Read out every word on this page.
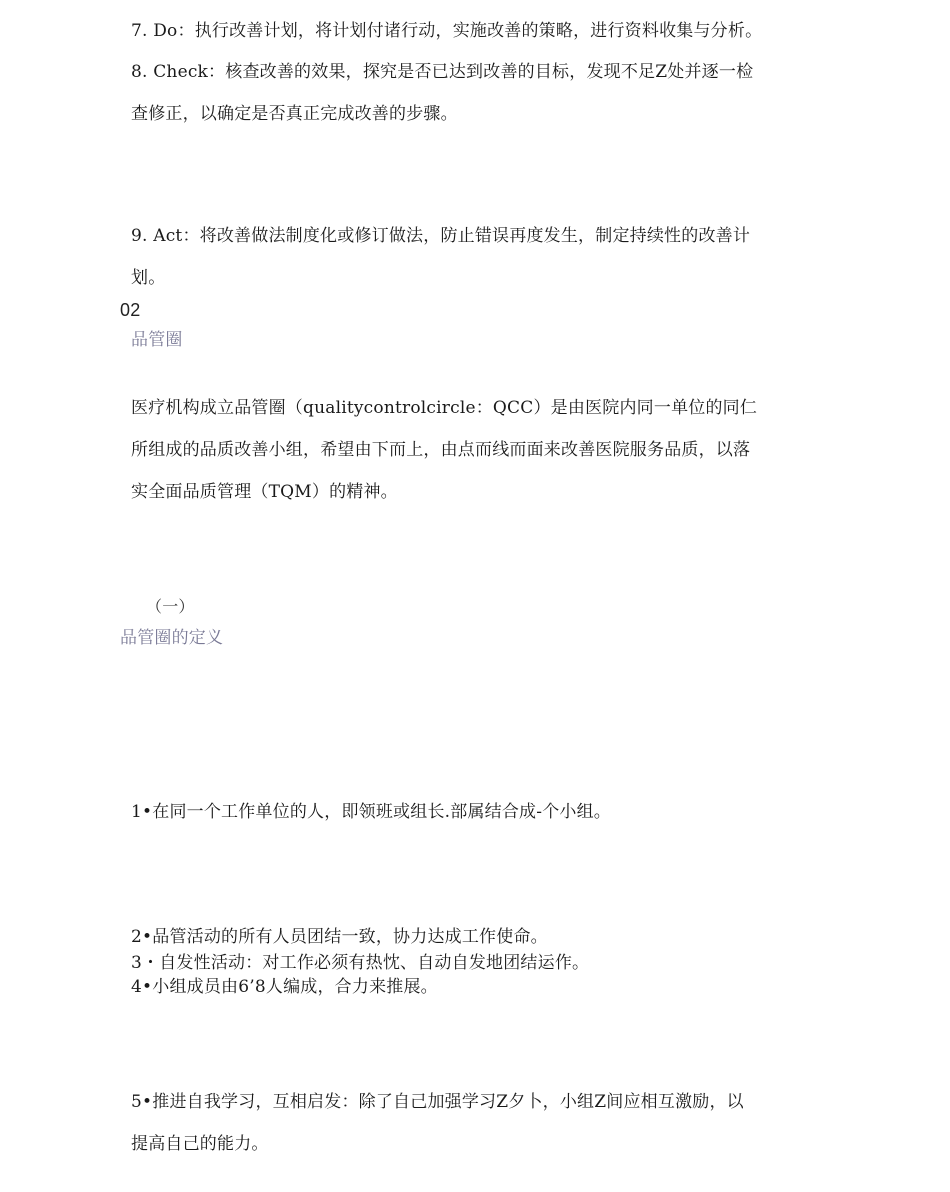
7. Do：执行改善计划，将计划付诸行动，实施改善的策略，进行资料收集与分析。
8. Check：核查改善的效果，探究是否已达到改善的目标，发现不足Z处并逐一检
查修正，以确定是否真正完成改善的步骤。
9. Act：将改善做法制度化或修订做法，防止错误再度发生，制定持续性的改善计
划。
02
品管圈
医疗机构成立品管圈（qualitycontrolcircle：QCC）是由医院内同一单位的同仁
所组成的品质改善小组，希望由下而上，由点而线而面来改善医院服务品质，以落
实全面品质管理（TQM）的精神。
（一）
品管圈的定义
1•在同一个工作单位的人，即领班或组长.部属结合成-个小组。
2•品管活动的所有人员团结一致，协力达成工作使命。
3・自发性活动：对工作必须有热忱、自动自发地团结运作。
4•小组成员由6’8人编成，合力来推展。
5•推进自我学习，互相启发：除了自己加强学习Z夕卜，小组Z间应相互激励，以
提高自己的能力。
